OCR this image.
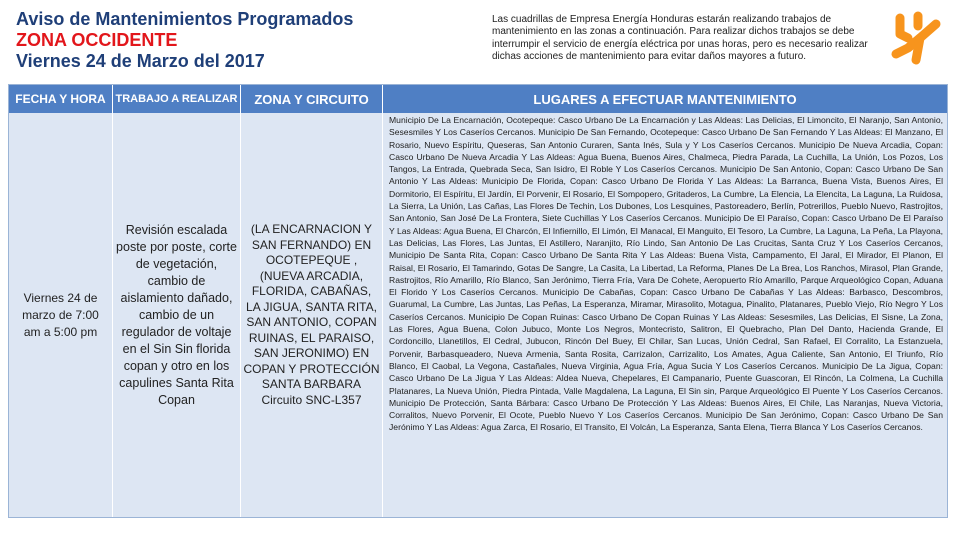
Aviso de Mantenimientos Programados
ZONA OCCIDENTE
Viernes 24 de Marzo del 2017
Las cuadrillas de Empresa Energía Honduras estarán realizando trabajos de mantenimiento en las zonas a continuación. Para realizar dichos trabajos se debe interrumpir el servicio de energía eléctrica por unas horas, pero es necesario realizar dichas acciones de mantenimiento para evitar daños mayores a futuro.
FECHA Y HORA TRABAJO A REALIZAR	ZONA Y CIRCUITO	LUGARES A EFECTUAR MANTENIMIENTO
Viernes 24 de marzo de 7:00 am a 5:00 pm
Revisión escalada poste por poste, corte de vegetación, cambio de aislamiento dañado, cambio de un regulador de voltaje en el Sin Sin florida copan y otro en los capulines Santa Rita Copan
(LA ENCARNACION Y SAN FERNANDO) EN OCOTEPEQUE , (NUEVA ARCADIA, FLORIDA, CABAÑAS, LA JIGUA, SANTA RITA, SAN ANTONIO, COPAN RUINAS, EL PARAISO, SAN JERONIMO) EN COPAN Y PROTECCIÓN SANTA BARBARA
Circuito SNC-L357
Municipio De La Encarnación, Ocotepeque: Casco Urbano De La Encarnación y Las Aldeas: Las Delicias, El Limoncito, El Naranjo, San Antonio, Sesesmiles Y Los Caseríos Cercanos. Municipio De San Fernando, Ocotepeque: Casco Urbano De San Fernando Y Las Aldeas: El Manzano, El Rosario, Nuevo Espíritu, Queseras, San Antonio Curaren, Santa Inés, Sula y Y Los Caseríos Cercanos. Municipio De Nueva Arcadia, Copan: Casco Urbano De Nueva Arcadia Y Las Aldeas: Agua Buena, Buenos Aires, Chalmeca, Piedra Parada, La Cuchilla, La Unión, Los Pozos, Los Tangos, La Entrada, Quebrada Seca, San Isidro, El Roble Y Los Caseríos Cercanos. Municipio De San Antonio, Copan: Casco Urbano De San Antonio Y Las Aldeas: Municipio De Florida, Copan: Casco Urbano De Florida Y Las Aldeas: La Barranca, Buena Vista, Buenos Aires, El Dormitorio, El Espíritu, El Jardín, El Porvenir, El Rosario, El Sompopero, Gritaderos, La Cumbre, La Elencia, La Elencita, La Laguna, La Ruidosa, La Sierra, La Unión, Las Cañas, Las Flores De Techin, Los Dubones, Los Lesquines, Pastoreadero, Berlín, Potrerillos, Pueblo Nuevo, Rastrojitos, San Antonio, San José De La Frontera, Siete Cuchillas Y Los Caseríos Cercanos. Municipio De El Paraíso, Copan: Casco Urbano De El Paraíso Y Las Aldeas: Agua Buena, El Charcón, El Infiernillo, El Limón, El Manacal, El Manguito, El Tesoro, La Cumbre, La Laguna, La Peña, La Playona, Las Delicias, Las Flores, Las Juntas, El Astillero, Naranjito, Río Lindo, San Antonio De Las Crucitas, Santa Cruz Y Los Caseríos Cercanos, Municipio De Santa Rita, Copan: Casco Urbano De Santa Rita Y Las Aldeas: Buena Vista, Campamento, El Jaral, El Mirador, El Planon, El Raisal, El Rosario, El Tamarindo, Gotas De Sangre, La Casita, La Libertad, La Reforma, Planes De La Brea, Los Ranchos, Mirasol, Plan Grande, Rastrojitos, Río Amarillo, Río Blanco, San Jerónimo, Tierra Fría, Vara De Cohete, Aeropuerto Río Amarillo, Parque Arqueológico Copan, Aduana El Florido Y Los Caseríos Cercanos. Municipio De Cabañas, Copan: Casco Urbano De Cabañas Y Las Aldeas: Barbasco, Descombros, Guarumal, La Cumbre, Las Juntas, Las Peñas, La Esperanza, Miramar, Mirasolito, Motagua, Pinalito, Platanares, Pueblo Viejo, Río Negro Y Los Caseríos Cercanos. Municipio De Copan Ruinas: Casco Urbano De Copan Ruinas Y Las Aldeas: Sesesmiles, Las Delicias, El Sisne, La Zona, Las Flores, Agua Buena, Colon Jubuco, Monte Los Negros, Montecristo, Salitron, El Quebracho, Plan Del Danto, Hacienda Grande, El Cordoncillo, Llanetillos, El Cedral, Jubucon, Rincón Del Buey, El Chilar, San Lucas, Unión Cedral, San Rafael, El Corralito, La Estanzuela, Porvenir, Barbasqueadero, Nueva Armenia, Santa Rosita, Carrizalon, Carrizalito, Los Amates, Agua Caliente, San Antonio, El Triunfo, Río Blanco, El Caobal, La Vegona, Castañales, Nueva Virginia, Agua Fría, Agua Sucia Y Los Caseríos Cercanos. Municipio De La Jigua, Copan: Casco Urbano De La Jigua Y Las Aldeas: Aldea Nueva, Chepelares, El Campanario, Puente Guascoran, El Rincón, La Colmena, La Cuchilla Platanares, La Nueva Unión, Piedra Pintada, Valle Magdalena, La Laguna, El Sin sin, Parque Arqueológico El Puente Y Los Caseríos Cercanos. Municipio De Protección, Santa Bárbara: Casco Urbano De Protección Y Las Aldeas: Buenos Aires, El Chile, Las Naranjas, Nueva Victoria, Corralitos, Nuevo Porvenir, El Ocote, Pueblo Nuevo Y Los Caseríos Cercanos. Municipio De San Jerónimo, Copan: Casco Urbano De San Jerónimo Y Las Aldeas: Agua Zarca, El Rosario, El Transito, El Volcán, La Esperanza, Santa Elena, Tierra Blanca Y Los Caseríos Cercanos.
